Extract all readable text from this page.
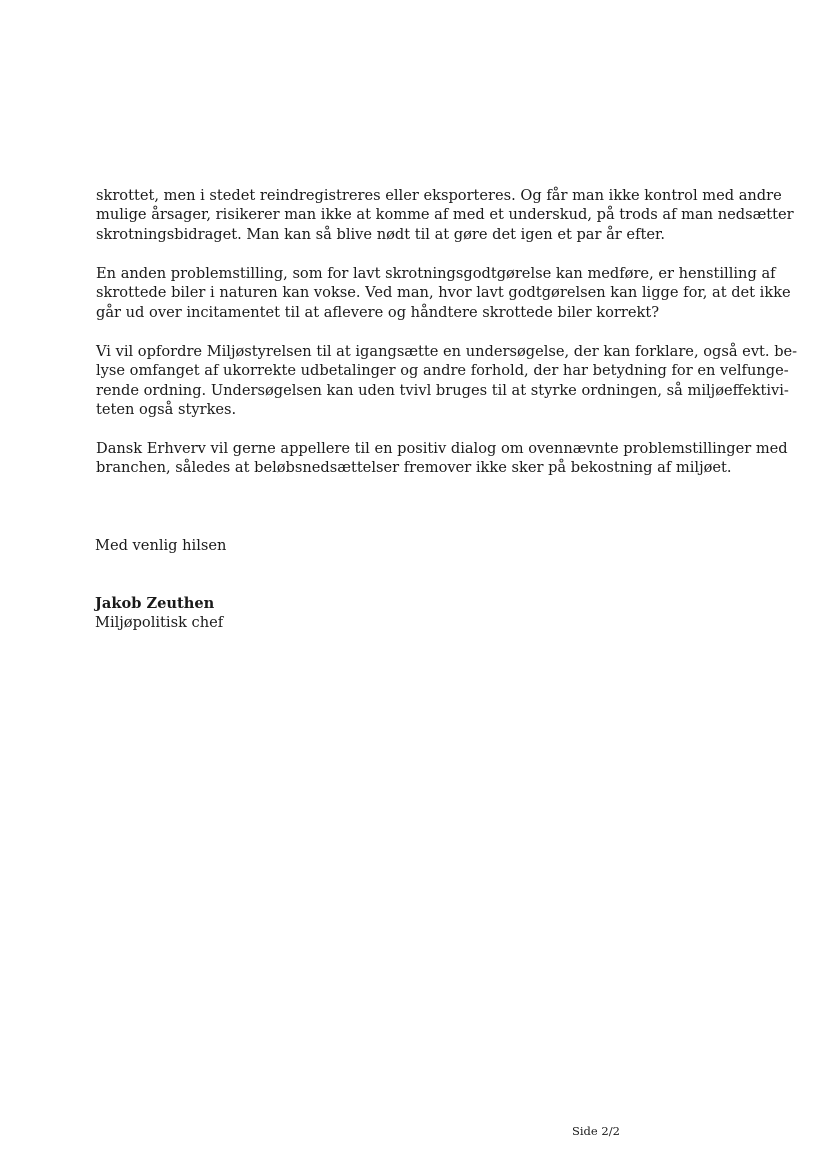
skrottet, men i stedet reindregistreres eller eksporteres. Og får man ikke kontrol med andre
mulige årsager, risikerer man ikke at komme af med et underskud, på trods af man nedsætter
skrotningsbidraget. Man kan så blive nødt til at gøre det igen et par år efter.

En anden problemstilling, som for lavt skrotningsgodtgørelse kan medføre, er henstilling af
skrottede biler i naturen kan vokse. Ved man, hvor lavt godtgørelsen kan ligge for, at det ikke
går ud over incitamentet til at aflevere og håndtere skrottede biler korrekt?

Vi vil opfordre Miljøstyrelsen til at igangsætte en undersøgelse, der kan forklare, også evt. be-
lyse omfanget af ukorrekte udbetalinger og andre forhold, der har betydning for en velfunge-
rende ordning. Undersøgelsen kan uden tvivl bruges til at styrke ordningen, så miljøeffektivi-
teten også styrkes.

Dansk Erhverv vil gerne appellere til en positiv dialog om ovennævnte problemstillinger med
branchen, således at beløbsnedsættelser fremover ikke sker på bekostning af miljøet.

Med venlig hilsen

Jakob Zeuthen
Miljøpolitisk chef

Side 2/2
